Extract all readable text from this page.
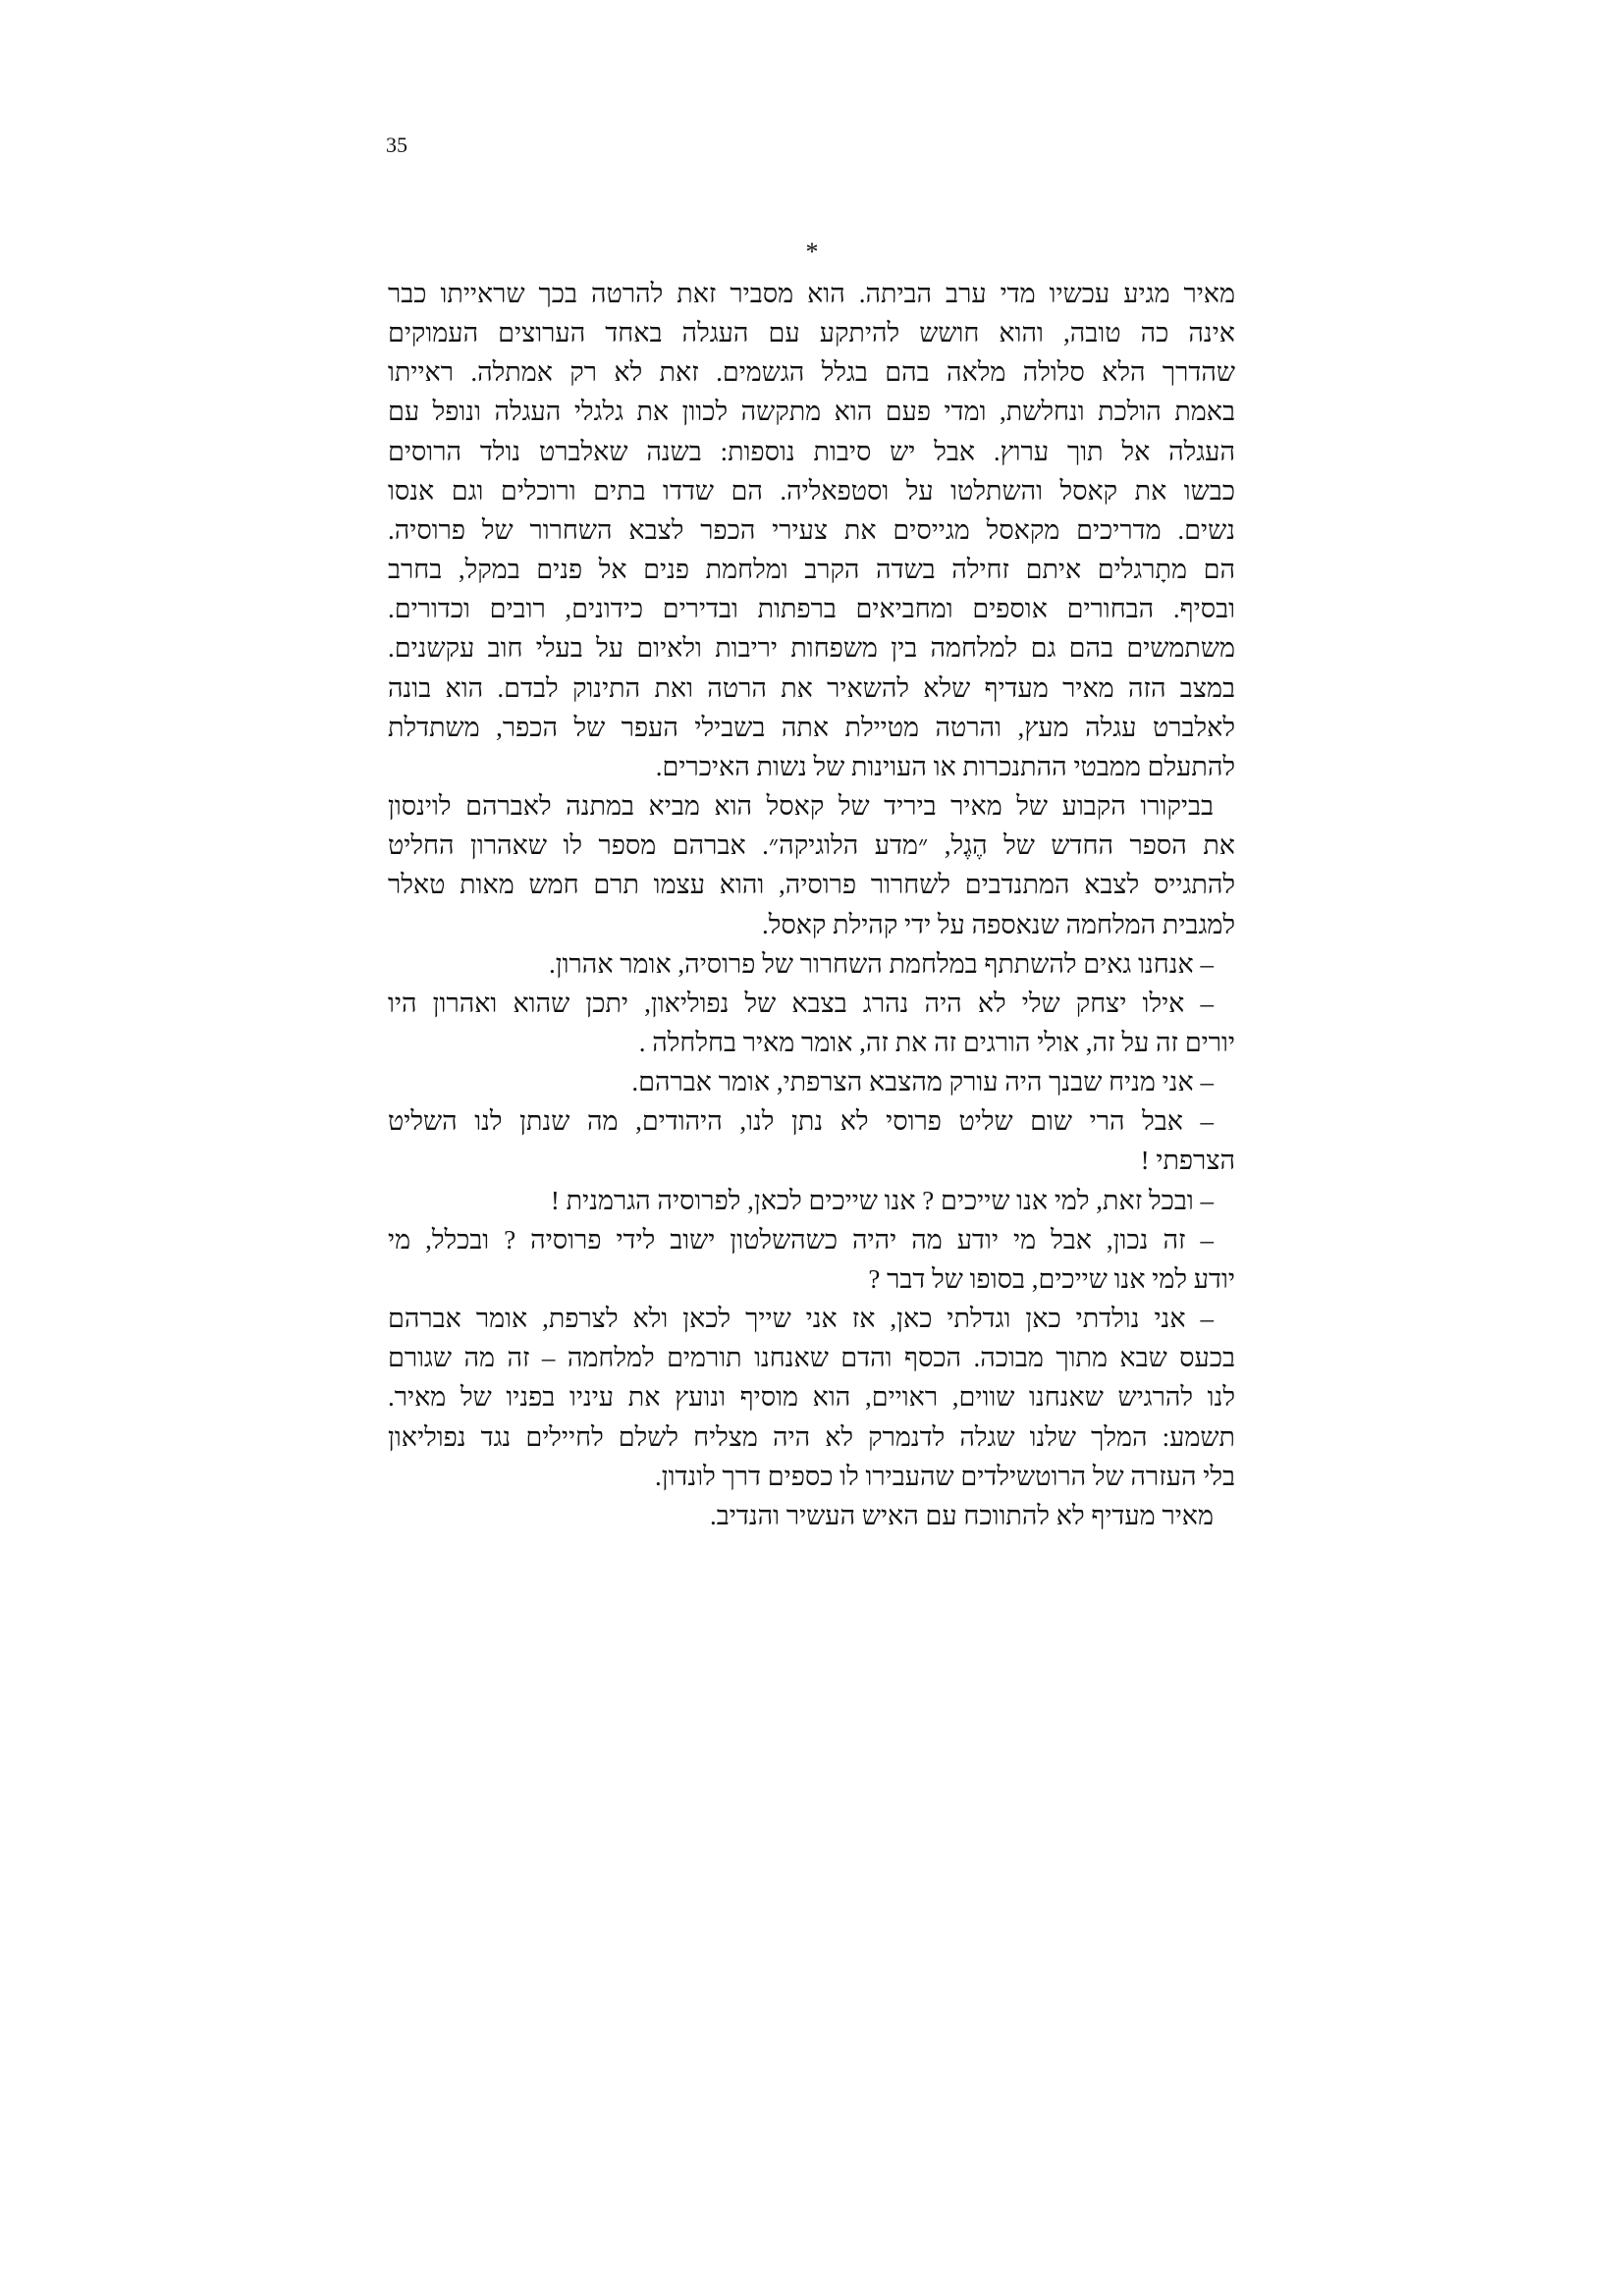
35
*
מאיר מגיע עכשיו מדי ערב הביתה. הוא מסביר זאת להרטה בכך שראייתו כבר
אינה כה טובה, והוא חושש להיתקע עם העגלה באחד הערוצים העמוקים
שהדרך הלא סלולה מלאה בהם בגלל הגשמים. זאת לא רק אמתלה. ראייתו
באמת הולכת ונחלשת, ומדי פעם הוא מתקשה לכוון את גלגלי העגלה ונופל עם
העגלה אל תוך ערוץ. אבל יש סיבות נוספות: בשנה שאלברט נולד הרוסים
כבשו את קאסל והשתלטו על וסטפאליה. הם שדדו בתים ורוכלים וגם אנסו
נשים. מדריכים מקאסל מגייסים את צעירי הכפר לצבא השחרור של פרוסיה.
הם מתָרגלים איתם זחילה בשדה הקרב ומלחמת פנים אל פנים במקל, בחרב
ובסיף. הבחורים אוספים ומחביאים ברפתות ובדירים כידונים, רובים וכדורים.
משתמשים בהם גם למלחמה בין משפחות יריבות ולאיום על בעלי חוב עקשנים.
במצב הזה מאיר מעדיף שלא להשאיר את הרטה ואת התינוק לבדם. הוא בונה
לאלברט עגלה מעץ, והרטה מטיילת אתה בשבילי העפר של הכפר, משתדלת
להתעלם ממבטי ההתנכרות או העוינות של נשות האיכרים.
בביקורו הקבוע של מאיר ביריד של קאסל הוא מביא במתנה לאברהם לוינסון
את הספר החדש של הֶגֶל, ״מדע הלוגיקה״. אברהם מספר לו שאהרון החליט
להתגייס לצבא המתנדבים לשחרור פרוסיה, והוא עצמו תרם חמש מאות טאלר
למגבית המלחמה שנאספה על ידי קהילת קאסל.
– אנחנו גאים להשתתף במלחמת השחרור של פרוסיה, אומר אהרון.
– אילו יצחק שלי לא היה נהרג בצבא של נפוליאון, יתכן שהוא ואהרון היו
יורים זה על זה, אולי הורגים זה את זה, אומר מאיר בחלחלה .
– אני מניח שבנך היה עורק מהצבא הצרפתי, אומר אברהם.
– אבל הרי שום שליט פרוסי לא נתן לנו, היהודים, מה שנתן לנו השליט
הצרפתי !
– ובכל זאת, למי אנו שייכים ? אנו שייכים לכאן, לפרוסיה הגרמנית !
– זה נכון, אבל מי יודע מה יהיה כשהשלטון ישוב לידי פרוסיה ? ובכלל, מי
יודע למי אנו שייכים, בסופו של דבר ?
– אני נולדתי כאן וגדלתי כאן, אז אני שייך לכאן ולא לצרפת, אומר אברהם
בכעס שבא מתוך מבוכה. הכסף והדם שאנחנו תורמים למלחמה – זה מה שגורם
לנו להרגיש שאנחנו שווים, ראויים, הוא מוסיף ונועץ את עיניו בפניו של מאיר.
תשמע: המלך שלנו שגלה לדנמרק לא היה מצליח לשלם לחיילים נגד נפוליאון
בלי העזרה של הרוטשילדים שהעבירו לו כספים דרך לונדון.
מאיר מעדיף לא להתווכח עם האיש העשיר והנדיב.
